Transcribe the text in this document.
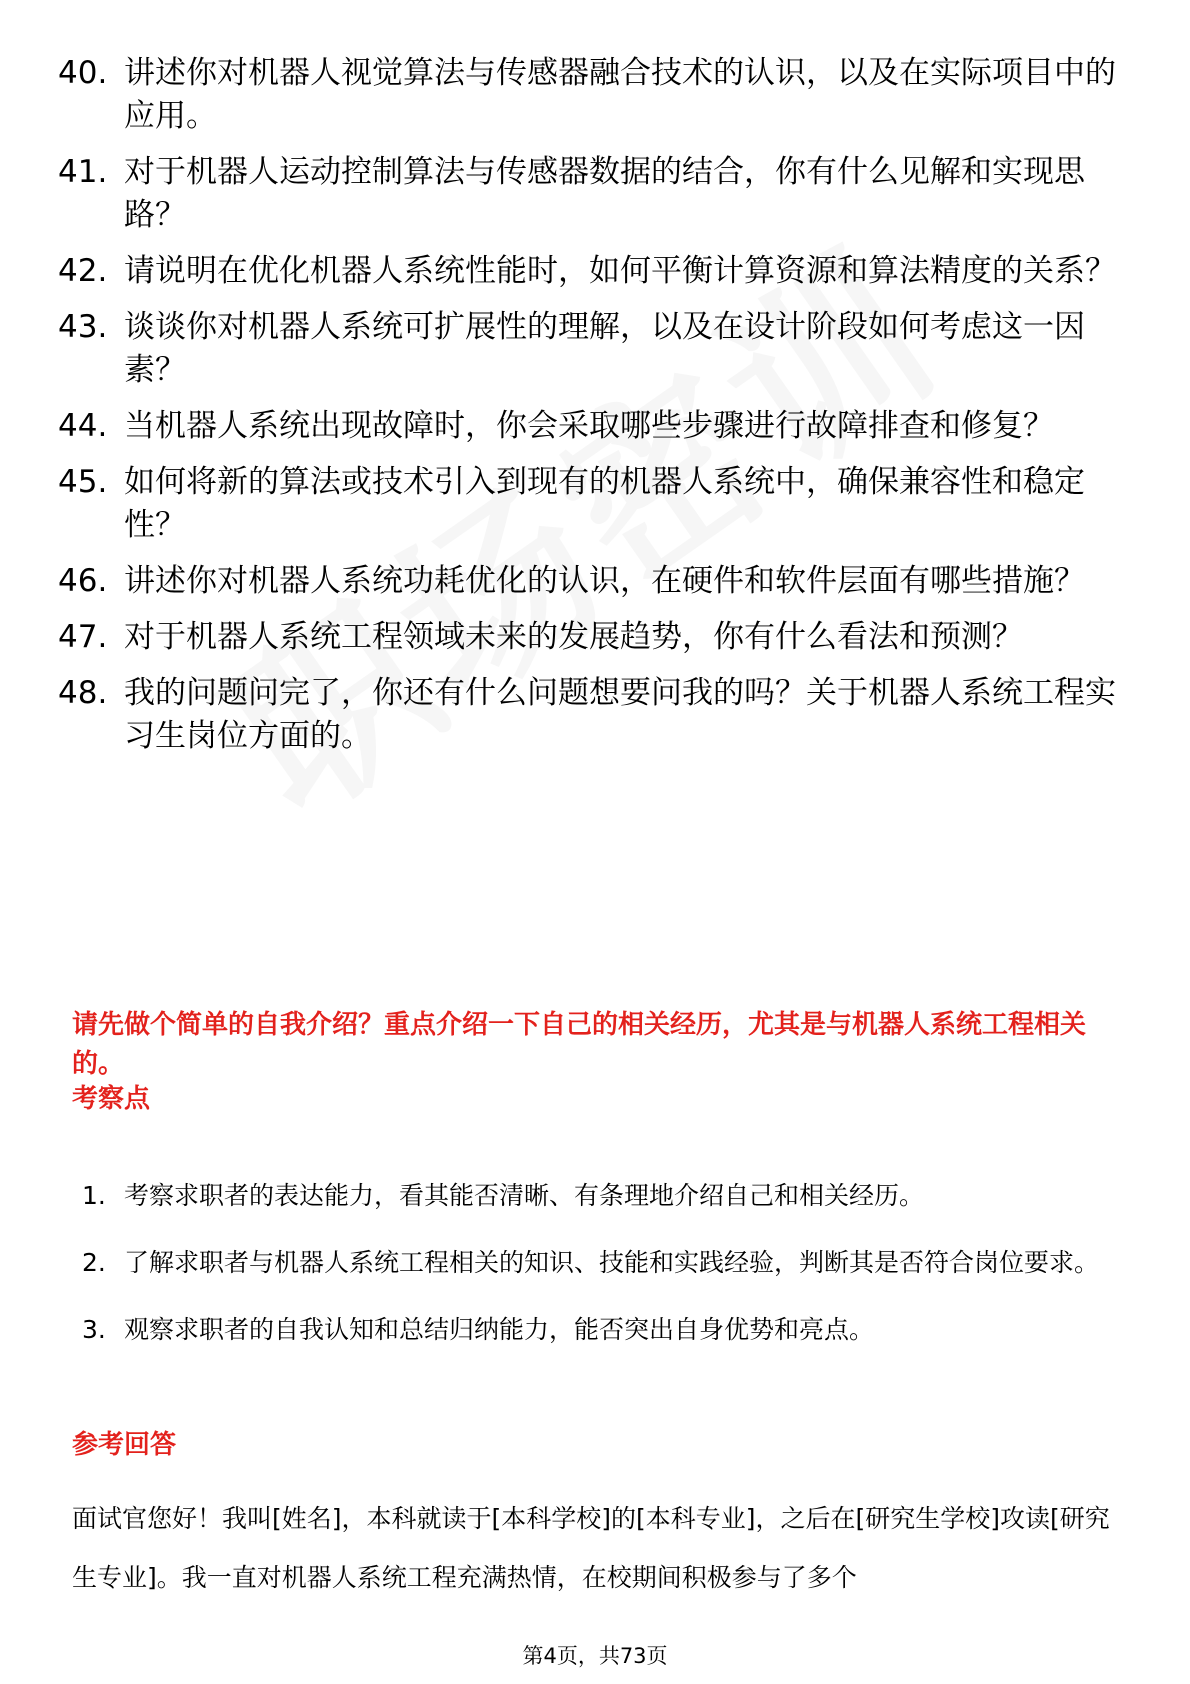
40. 讲述你对机器人视觉算法与传感器融合技术的认识，以及在实际项目中的应用。
41. 对于机器人运动控制算法与传感器数据的结合，你有什么见解和实现思路？
42. 请说明在优化机器人系统性能时，如何平衡计算资源和算法精度的关系？
43. 谈谈你对机器人系统可扩展性的理解，以及在设计阶段如何考虑这一因素？
44. 当机器人系统出现故障时，你会采取哪些步骤进行故障排查和修复？
45. 如何将新的算法或技术引入到现有的机器人系统中，确保兼容性和稳定性？
46. 讲述你对机器人系统功耗优化的认识，在硬件和软件层面有哪些措施？
47. 对于机器人系统工程领域未来的发展趋势，你有什么看法和预测？
48. 我的问题问完了，你还有什么问题想要问我的吗？关于机器人系统工程实习生岗位方面的。
请先做个简单的自我介绍？重点介绍一下自己的相关经历，尤其是与机器人系统工程相关的。
考察点
1. 考察求职者的表达能力，看其能否清晰、有条理地介绍自己和相关经历。
2. 了解求职者与机器人系统工程相关的知识、技能和实践经验，判断其是否符合岗位要求。
3. 观察求职者的自我认知和总结归纳能力，能否突出自身优势和亮点。
参考回答
面试官您好！我叫[姓名]，本科就读于[本科学校]的[本科专业]，之后在[研究生学校]攻读[研究生专业]。我一直对机器人系统工程充满热情，在校期间积极参与了多个
第4页，共73页
